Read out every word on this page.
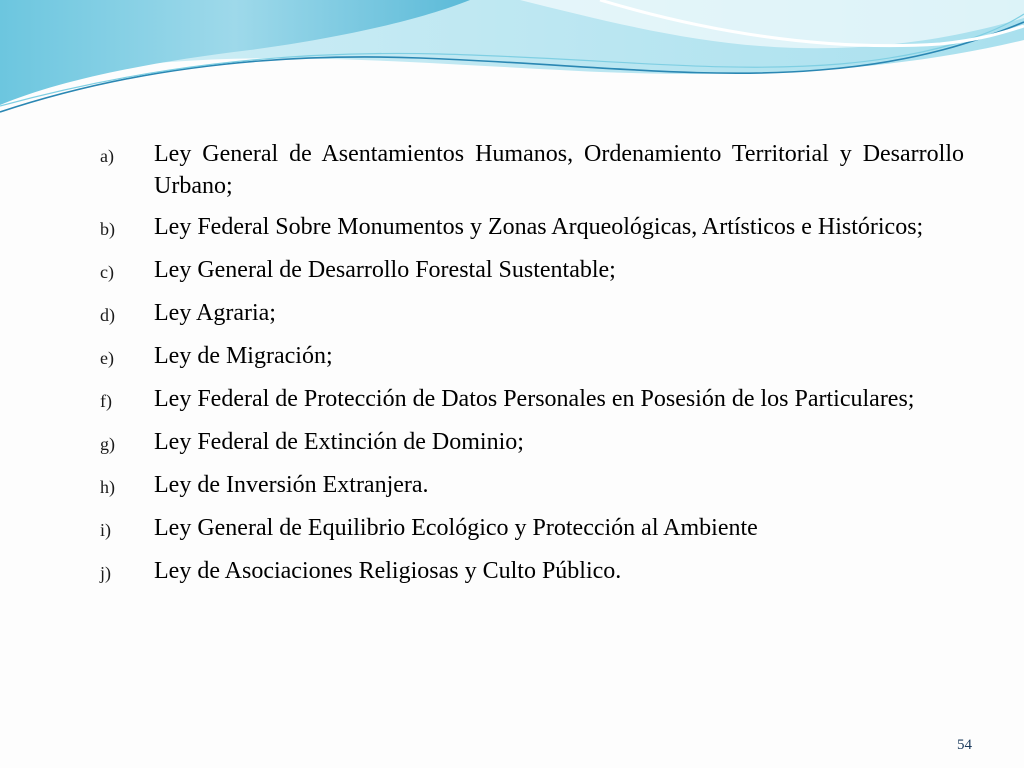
a)	Ley General de Asentamientos Humanos, Ordenamiento Territorial y Desarrollo Urbano;
b)	Ley Federal Sobre Monumentos y Zonas Arqueológicas, Artísticos e Históricos;
c)	Ley General de Desarrollo Forestal Sustentable;
d)	Ley Agraria;
e)	Ley de Migración;
f)	Ley Federal de Protección de Datos Personales en Posesión de los Particulares;
g)	Ley Federal de Extinción de Dominio;
h)	Ley de Inversión Extranjera.
i)	Ley General de Equilibrio Ecológico y Protección al Ambiente
j)	Ley de Asociaciones Religiosas y Culto Público.
54
